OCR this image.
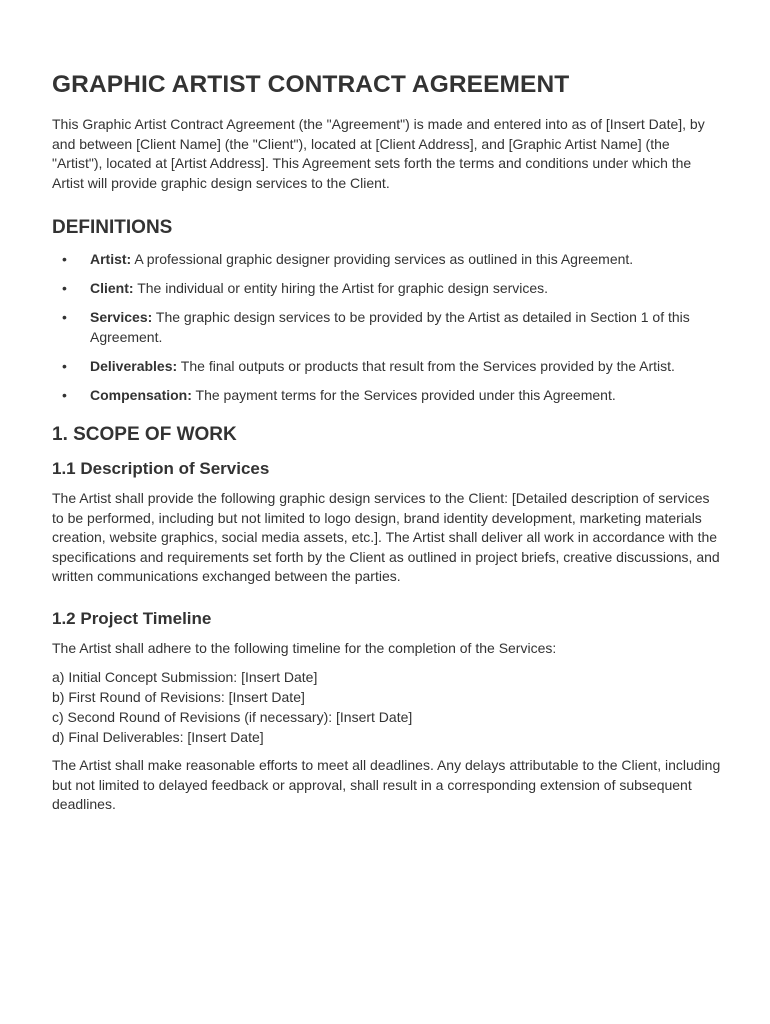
GRAPHIC ARTIST CONTRACT AGREEMENT

This Graphic Artist Contract Agreement (the "Agreement") is made and entered into as of [Insert Date], by and between [Client Name] (the "Client"), located at [Client Address], and [Graphic Artist Name] (the "Artist"), located at [Artist Address]. This Agreement sets forth the terms and conditions under which the Artist will provide graphic design services to the Client.

DEFINITIONS
• Artist: A professional graphic designer providing services as outlined in this Agreement.
• Client: The individual or entity hiring the Artist for graphic design services.
• Services: The graphic design services to be provided by the Artist as detailed in Section 1 of this Agreement.
• Deliverables: The final outputs or products that result from the Services provided by the Artist.
• Compensation: The payment terms for the Services provided under this Agreement.
1. SCOPE OF WORK
1.1 Description of Services

The Artist shall provide the following graphic design services to the Client: [Detailed description of services to be performed, including but not limited to logo design, brand identity development, marketing materials creation, website graphics, social media assets, etc.]. The Artist shall deliver all work in accordance with the specifications and requirements set forth by the Client as outlined in project briefs, creative discussions, and written communications exchanged between the parties.

1.2 Project Timeline

The Artist shall adhere to the following timeline for the completion of the Services:

a) Initial Concept Submission: [Insert Date]
b) First Round of Revisions: [Insert Date]
c) Second Round of Revisions (if necessary): [Insert Date]
d) Final Deliverables: [Insert Date]

The Artist shall make reasonable efforts to meet all deadlines. Any delays attributable to the Client, including but not limited to delayed feedback or approval, shall result in a corresponding extension of subsequent deadlines.
